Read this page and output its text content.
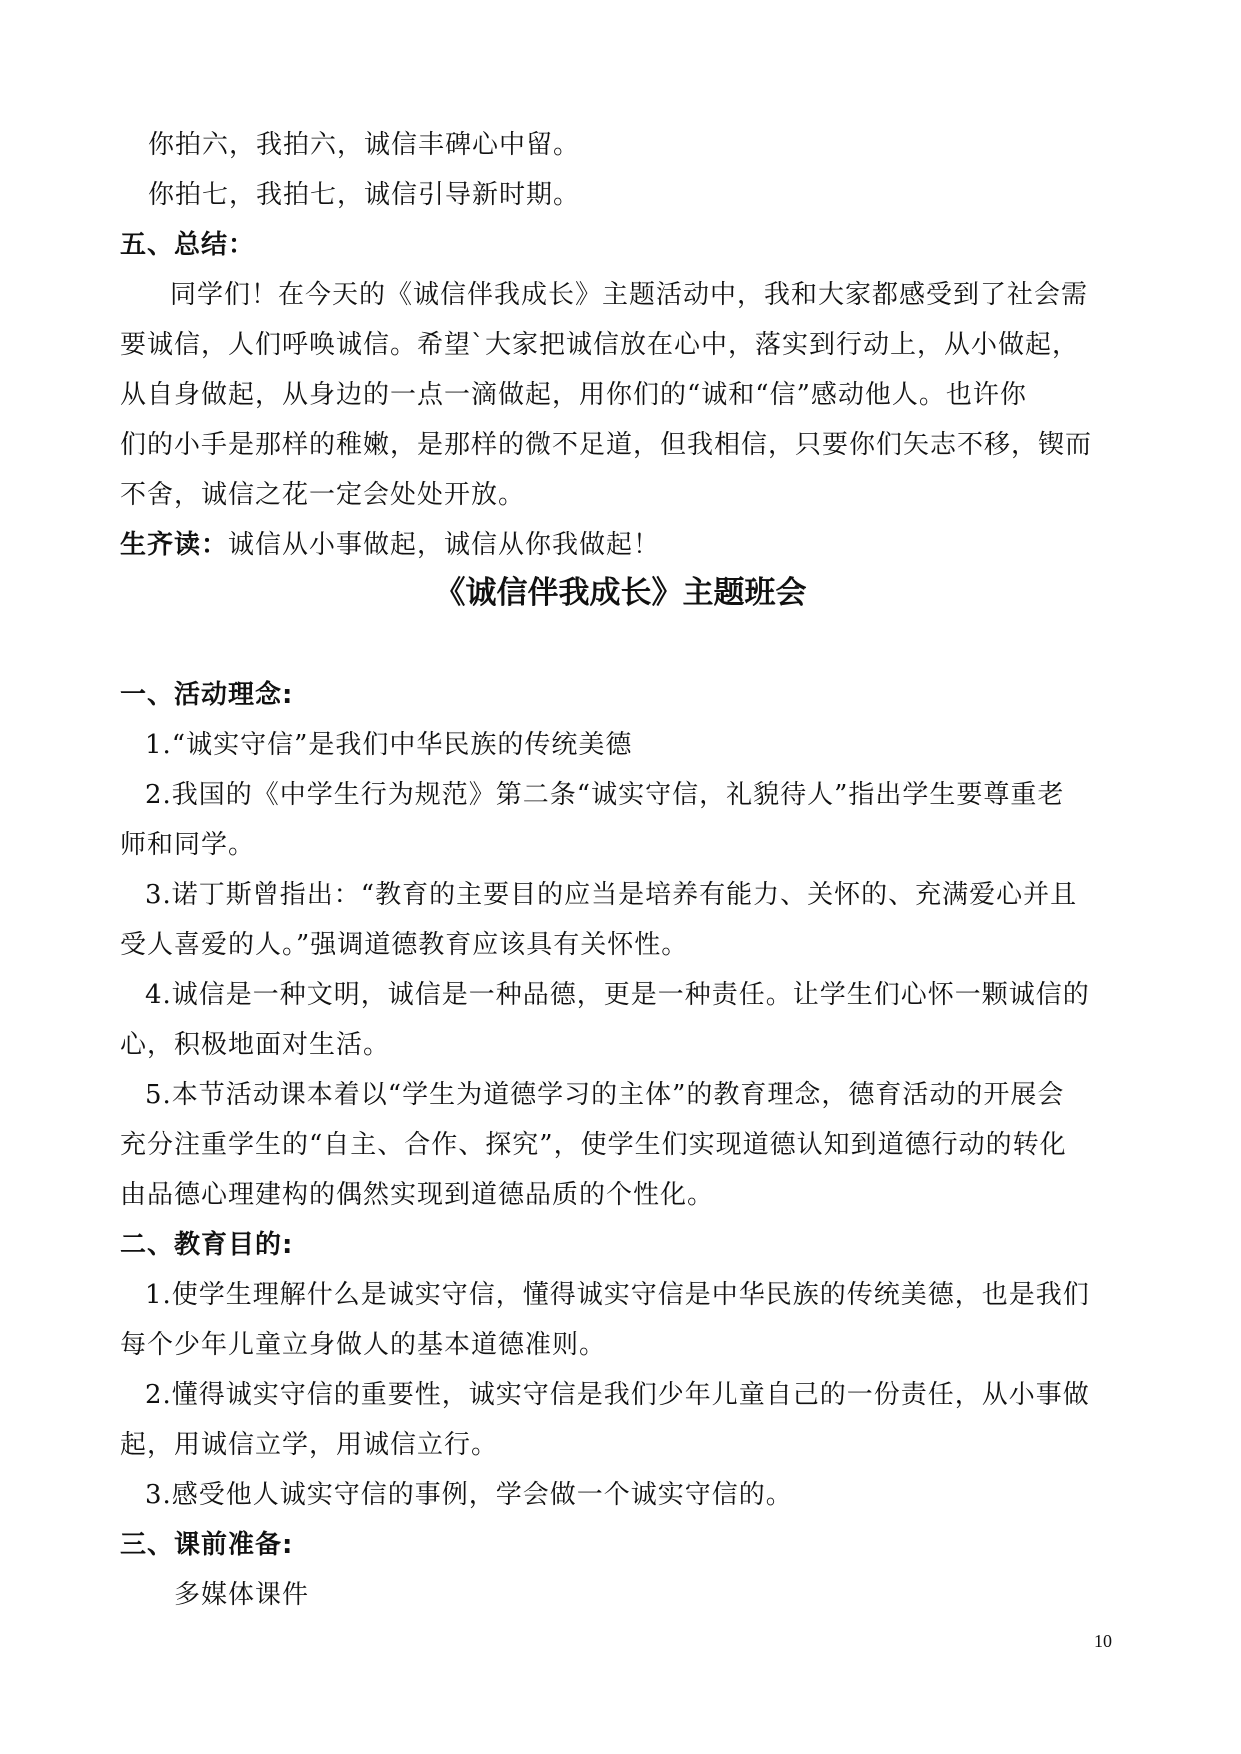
你拍六，我拍六，诚信丰碑心中留。
你拍七，我拍七，诚信引导新时期。
五、总结：
同学们！在今天的《诚信伴我成长》主题活动中，我和大家都感受到了社会需
要诚信，人们呼唤诚信。希望`大家把诚信放在心中，落实到行动上，从小做起，
从自身做起，从身边的一点一滴做起，用你们的“诚和“信”感动他人。也许你
们的小手是那样的稚嫩，是那样的微不足道，但我相信，只要你们矢志不移，锲而
不舍，诚信之花一定会处处开放。
生齐读：诚信从小事做起，诚信从你我做起！
《诚信伴我成长》主题班会
一、活动理念:
1.“诚实守信”是我们中华民族的传统美德
2.我国的《中学生行为规范》第二条“诚实守信，礼貌待人”指出学生要尊重老
师和同学。
3.诺丁斯曾指出：“教育的主要目的应当是培养有能力、关怀的、充满爱心并且
受人喜爱的人。”强调道德教育应该具有关怀性。
4.诚信是一种文明，诚信是一种品德，更是一种责任。让学生们心怀一颗诚信的
心，积极地面对生活。
5.本节活动课本着以“学生为道德学习的主体”的教育理念，德育活动的开展会
充分注重学生的“自主、合作、探究”，使学生们实现道德认知到道德行动的转化
由品德心理建构的偶然实现到道德品质的个性化。
二、教育目的:
1.使学生理解什么是诚实守信，懂得诚实守信是中华民族的传统美德，也是我们
每个少年儿童立身做人的基本道德准则。
2.懂得诚实守信的重要性，诚实守信是我们少年儿童自己的一份责任，从小事做
起，用诚信立学，用诚信立行。
3.感受他人诚实守信的事例，学会做一个诚实守信的。
三、课前准备:
多媒体课件
10
